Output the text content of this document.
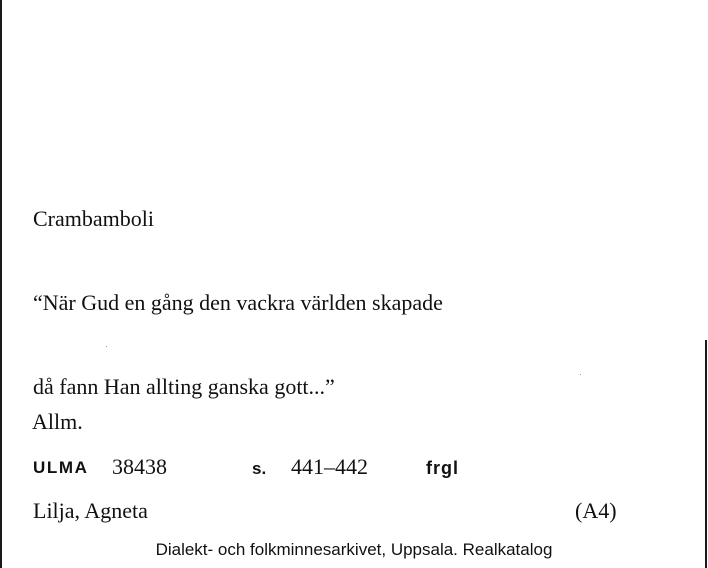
Crambamboli

“När Gud en gång den vackra världen skapade

då fann Han allting ganska gott...”

Allm.
ULMA 38438	s. 441–442	frgl
Lilja, Agneta	(A4)
Dialekt- och folkminnesarkivet, Uppsala. Realkatalog
